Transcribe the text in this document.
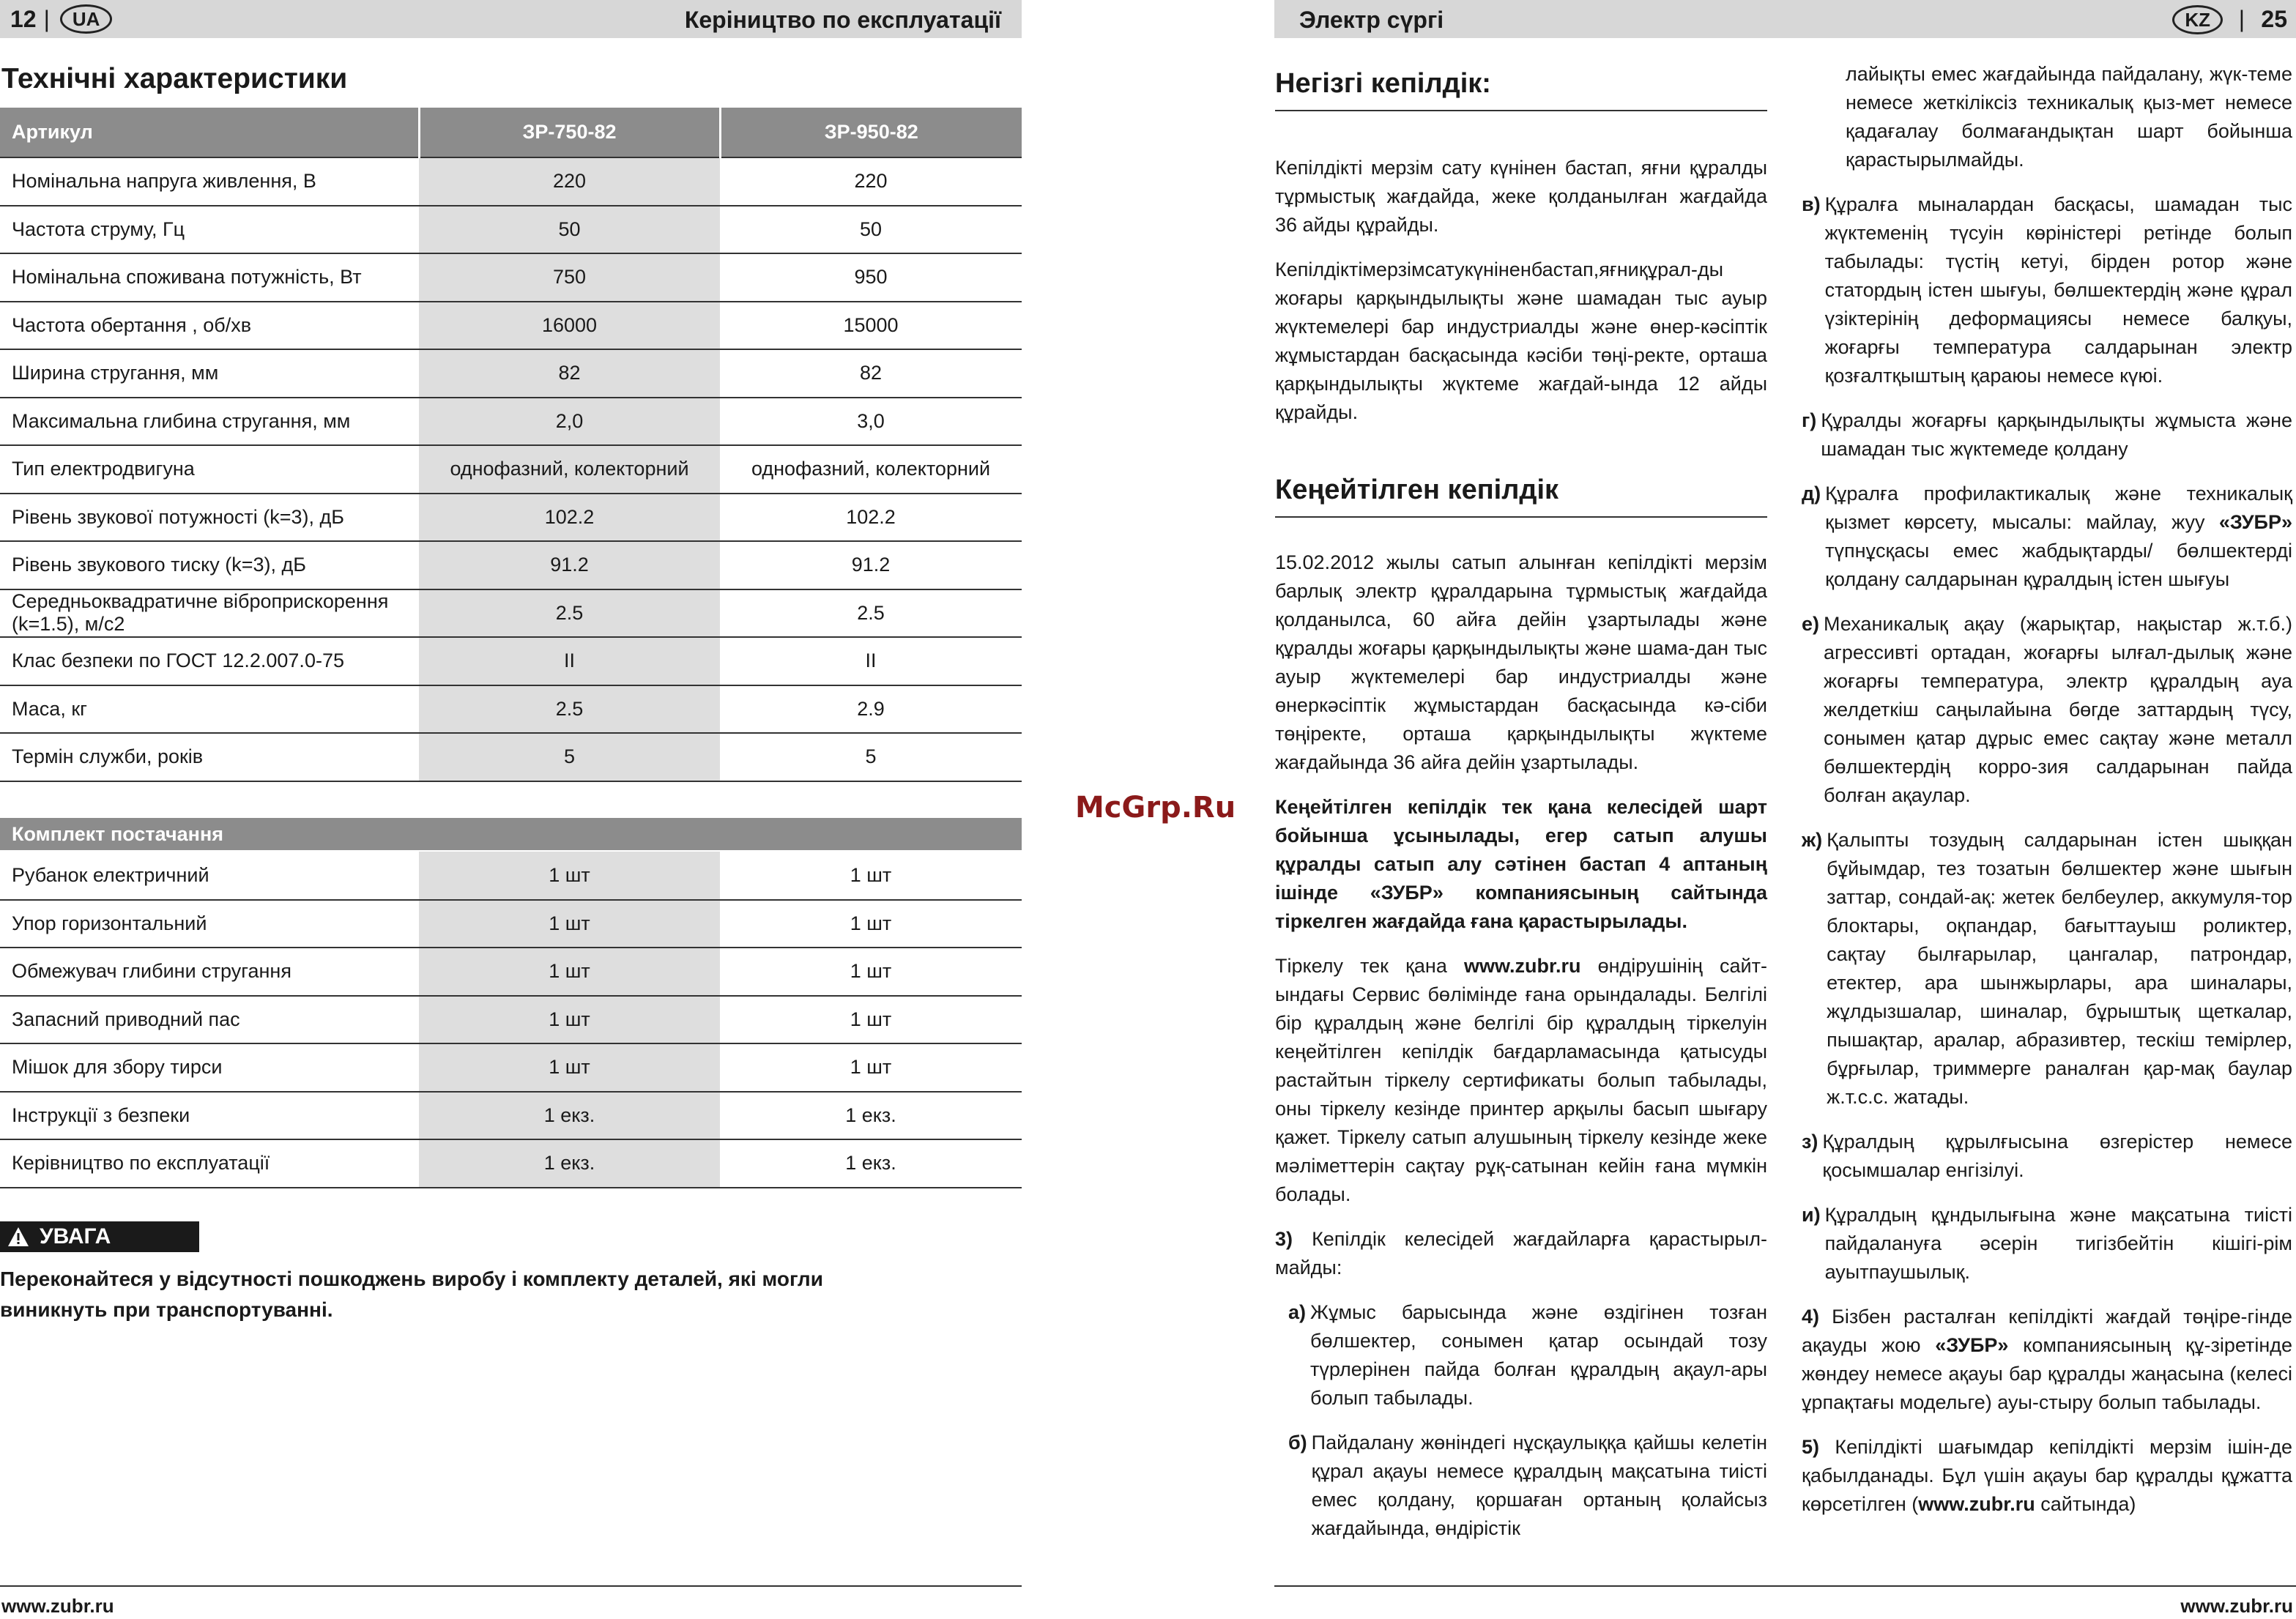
12 |	UA	Керіництво по експлуатації	Электр сүргі	KZ	| 25
Технічні характеристики
Артикул	ЗР-750-82	ЗР-950-82
Номінальна напруга живлення, В	220	220
Частота струму, Гц	50	50
Номінальна споживана потужність, Вт	750	950
Частота обертання , об/хв	16000	15000
Ширина стругання, мм	82	82
Максимальна глибина стругання, мм	2,0	3,0
Тип електродвигуна	однофазний, колекторний	однофазний, колекторний
Рівень звукової потужності (k=3), дБ	102.2	102.2
Рівень звукового тиску (k=3), дБ	91.2	91.2
Середньоквадратичне віброприскорення (k=1.5), м/с2	2.5	2.5
Клас безпеки по ГОСТ 12.2.007.0-75	II	II
Маса, кг	2.5	2.9
Термін служби, років	5	5
Комплект постачання
Рубанок електричний	1 шт	1 шт
Упор горизонтальний	1 шт	1 шт
Обмежувач глибини стругання	1 шт	1 шт
Запасний приводний пас	1 шт	1 шт
Мішок для збору тирси	1 шт	1 шт
Інструкції з безпеки	1 екз.	1 екз.
Керівництво по експлуатації	1 екз.	1 екз.
УВАГА
Переконайтеся у відсутності пошкоджень виробу і комплекту деталей, які могли виникнуть при транспортуванні.
www.zubr.ru
McGrp.Ru
Негізгі кепілдік:

Кепілдікті мерзім сату күнінен бастап, яғни құралды тұрмыстық жағдайда, жеке қолданылған жағдайда 36 айды құрайды.

Кепілдіктімерзімсатукүнiненбастап,яғниқұрал-ды жоғары қарқындылықты және шамадан тыс ауыр жүктемелері бар индустриалды және өнер-кәсіптік жұмыстардан басқасында кәсіби төңі-ректе, орташа қарқындылықты жүктеме жағдай-ында 12 айды құрайды.

Кеңейтілген кепілдік

15.02.2012 жылы сатып алынған кепілдікті мерзім барлық электр құралдарына тұрмыстық жағдайда қолданылса, 60 айға дейін ұзартылады және құралды жоғары қарқындылықты және шама-дан тыс ауыр жүктемелері бар индустриалды және өнеркәсіптік жұмыстардан басқасында кә-сіби төңіректе, орташа қарқындылықты жүктеме жағдайында 36 айға дейін ұзартылады.

Кеңейтілген кепілдік тек қана келесідей шарт бойынша ұсынылады, егер сатып алушы құралды сатып алу сәтінен бастап 4 аптаның ішінде «ЗУБР» компаниясының сайтында тіркелген жағдайда ғана қарастырылады.

Тіркелу тек қана www.zubr.ru өндірушінің сайт-ындағы Сервис бөлімінде ғана орындалады. Белгілі бір құралдың және белгілі бір құралдың тіркелуін кеңейтілген кепілдік бағдарламасында қатысуды растайтын тіркелу сертификаты болып табылады, оны тіркелу кезінде принтер арқылы басып шығару қажет. Тіркелу сатып алушының тіркелу кезінде жеке мәліметтерін сақтау рұқ-сатынан кейін ғана мүмкін болады.

3) Кепілдік келесідей жағдайларға қарастырыл-майды:

а) Жұмыс барысында және өздігінен тозған бөлшектер, сонымен қатар осындай тозу түрлерінен пайда болған құралдың ақаул-ары болып табылады.
б) Пайдалану жөніндегі нұсқаулыққа қайшы келетін құрал ақауы немесе құралдың мақсатына тиісті емес қолдану, қоршаған ортаның қолайсыз жағдайында, өндірістік

лайықты емес жағдайында пайдалану, жүк-теме немесе жеткіліксіз техникалық қыз-мет немесе қадағалау болмағандықтан шарт бойынша қарастырылмайды.

в) Құралға мыналардан басқасы, шамадан тыс жүктеменің түсуін көріністері ретінде болып табылады: түстің кетуі, бірден ротор және статордың істен шығуы, бөлшектердің және құрал үзіктерінің деформациясы немесе балқуы, жоғарғы температура салдарынан электр қозғалтқыштың қараюы немесе күюі.
г) Құралды жоғарғы қарқындылықты жұмыста және шамадан тыс жүктемеде қолдану
д) Құралға профилактикалық және техникалық қызмет көрсету, мысалы: майлау, жуу «ЗУБР» түпнұсқасы емес жабдықтарды/ бөлшектерді қолдану салдарынан құралдың істен шығуы
е) Механикалық ақау (жарықтар, нақыстар ж.т.б.) агрессивті ортадан, жоғарғы ылғал-дылық және жоғарғы температура, электр құралдың ауа желдеткіш саңылайына бөгде заттардың түсу, сонымен қатар дұрыс емес сақтау және металл бөлшектердің корро-зия салдарынан пайда болған ақаулар.
ж) Қалыпты тозудың салдарынан істен шыққан бұйымдар, тез тозатын бөлшектер және шығын заттар, сондай-ақ: жетек белбеулер, аккумуля-тор блоктары, оқпандар, бағыттауыш роликтер, сақтау былғарылар, цангалар, патрондар, етектер, ара шынжырлары, ара шиналары, жұлдызшалар, шиналар, бұрыштық щеткалар, пышақтар, аралар, абразивтер, тескіш темірлер, бұрғылар, триммерге раналған қар-мақ баулар ж.т.с.с. жатады.
з) Құралдың құрылғысына өзгерістер немесе қосымшалар енгізілуі.
и) Құралдың құндылығына және мақсатына тиісті пайдалануға әсерін тигізбейтін кішігі-рім ауытпаушылық.

4) Бізбен расталған кепілдікті жағдай төңіре-гінде ақауды жою «ЗУБР» компаниясының құ-зіретінде жөндеу немесе ақауы бар құралды жаңасына (келесі ұрпақтағы модельге) ауы-стыру болып табылады.

5) Кепілдікті шағымдар кепілдікті мерзім ішін-де қабылданады. Бұл үшін ақауы бар құралды құжатта көрсетілген (www.zubr.ru сайтында)

www.zubr.ru
